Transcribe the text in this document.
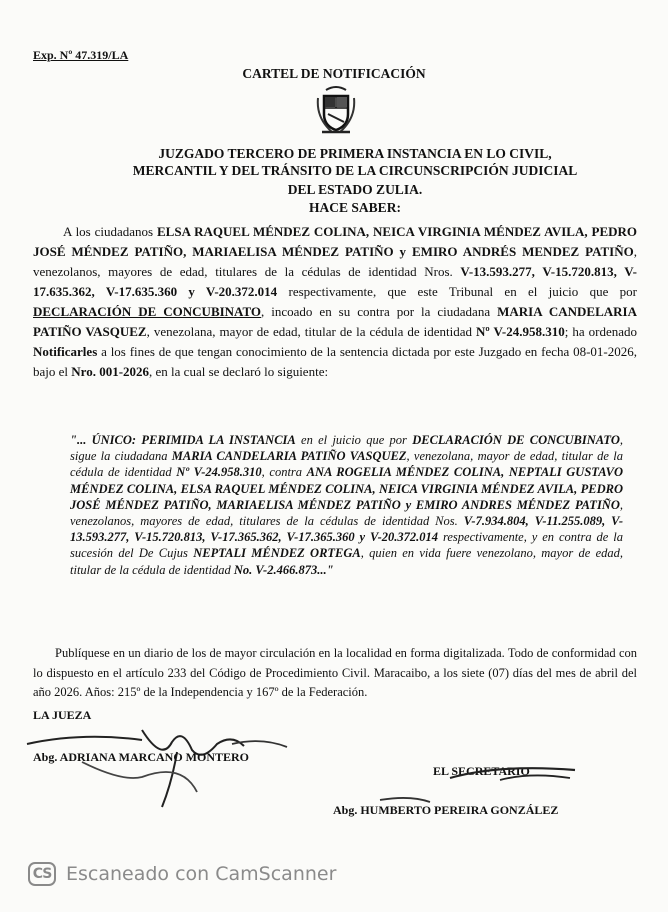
Exp. Nº 47.319/LA
CARTEL DE NOTIFICACIÓN
JUZGADO TERCERO DE PRIMERA INSTANCIA EN LO CIVIL,
MERCANTIL Y DEL TRÁNSITO DE LA CIRCUNSCRIPCIÓN JUDICIAL
DEL ESTADO ZULIA.
HACE SABER:
A los ciudadanos ELSA RAQUEL MÉNDEZ COLINA, NEICA VIRGINIA MÉNDEZ AVILA, PEDRO JOSÉ MÉNDEZ PATIÑO, MARIAELISA MÉNDEZ PATIÑO y EMIRO ANDRÉS MENDEZ PATIÑO, venezolanos, mayores de edad, titulares de la cédulas de identidad Nros. V-13.593.277, V-15.720.813, V-17.635.362, V-17.635.360 y V-20.372.014 respectivamente, que este Tribunal en el juicio que por DECLARACIÓN DE CONCUBINATO, incoado en su contra por la ciudadana MARIA CANDELARIA PATIÑO VASQUEZ, venezolana, mayor de edad, titular de la cédula de identidad Nº V-24.958.310; ha ordenado Notificarles a los fines de que tengan conocimiento de la sentencia dictada por este Juzgado en fecha 08-01-2026, bajo el Nro. 001-2026, en la cual se declaró lo siguiente:
"... ÚNICO: PERIMIDA LA INSTANCIA en el juicio que por DECLARACIÓN DE CONCUBINATO, sigue la ciudadana MARIA CANDELARIA PATIÑO VASQUEZ, venezolana, mayor de edad, titular de la cédula de identidad Nº V-24.958.310, contra ANA ROGELIA MÉNDEZ COLINA, NEPTALI GUSTAVO MÉNDEZ COLINA, ELSA RAQUEL MÉNDEZ COLINA, NEICA VIRGINIA MÉNDEZ AVILA, PEDRO JOSÉ MÉNDEZ PATIÑO, MARIAELISA MÉNDEZ PATIÑO y EMIRO ANDRES MÉNDEZ PATIÑO, venezolanos, mayores de edad, titulares de la cédulas de identidad Nos. V-7.934.804, V-11.255.089, V-13.593.277, V-15.720.813, V-17.365.362, V-17.365.360 y V-20.372.014 respectivamente, y en contra de la sucesión del De Cujus NEPTALI MÉNDEZ ORTEGA, quien en vida fuere venezolano, mayor de edad, titular de la cédula de identidad No. V-2.466.873..."
Publíquese en un diario de los de mayor circulación en la localidad en forma digitalizada. Todo de conformidad con lo dispuesto en el artículo 233 del Código de Procedimiento Civil. Maracaibo, a los siete (07) días del mes de abril del año 2026. Años: 215º de la Independencia y 167º de la Federación.
LA JUEZA
Abg. ADRIANA MARCANO MONTERO
EL SECRETARIO
Abg. HUMBERTO PEREIRA GONZÁLEZ
CS Escaneado con CamScanner
